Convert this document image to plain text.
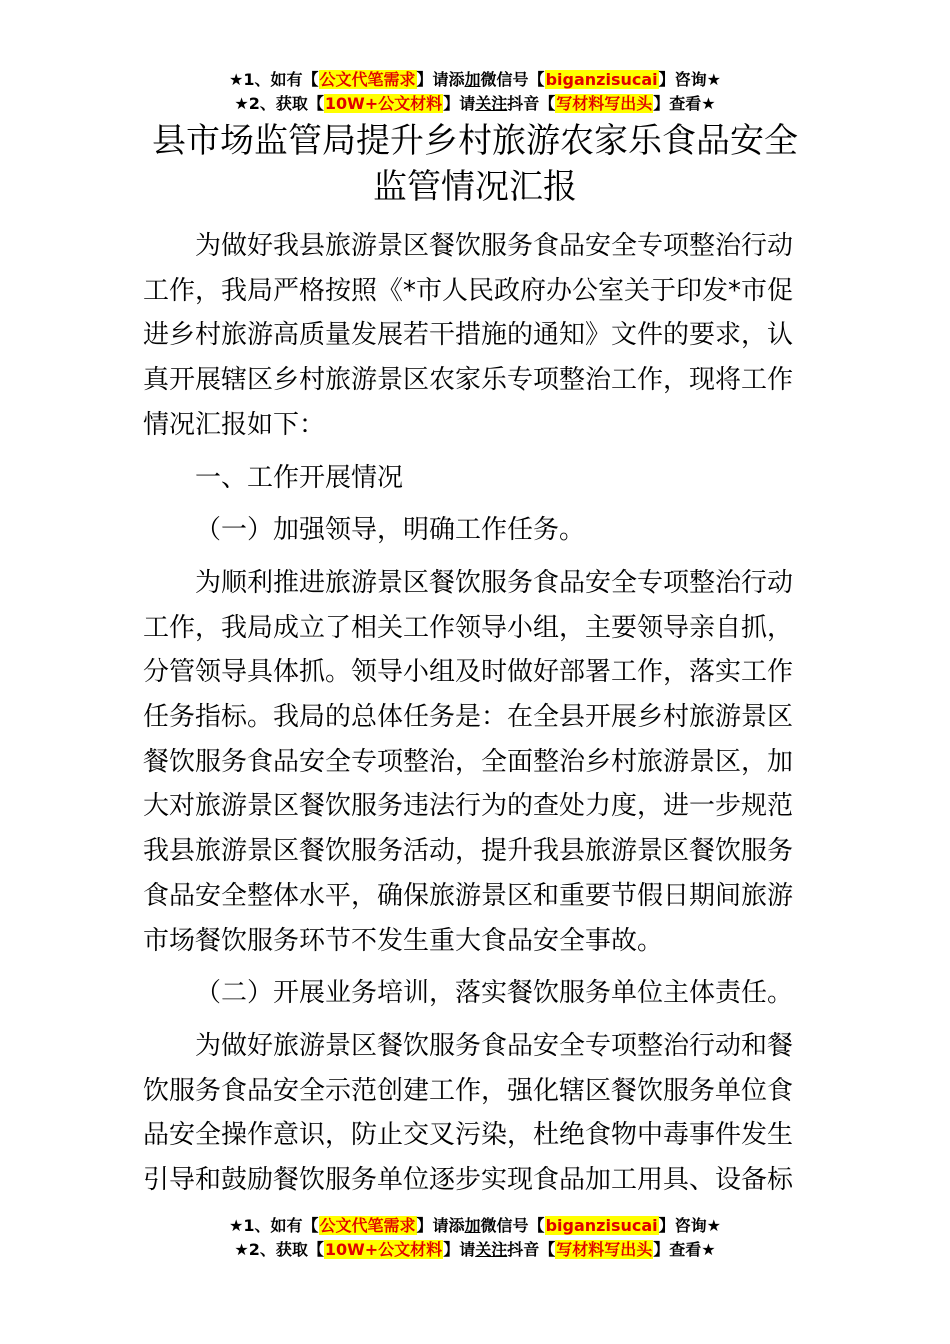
★1、如有【公文代笔需求】请添加微信号【biganzisucai】咨询★
★2、获取【10W+公文材料】请关注抖音【写材料写出头】查看★
县市场监管局提升乡村旅游农家乐食品安全
监管情况汇报
为做好我县旅游景区餐饮服务食品安全专项整治行动
工作，我局严格按照《*市人民政府办公室关于印发*市促
进乡村旅游高质量发展若干措施的通知》文件的要求，认
真开展辖区乡村旅游景区农家乐专项整治工作，现将工作
情况汇报如下：
一、工作开展情况
（一）加强领导，明确工作任务。
为顺利推进旅游景区餐饮服务食品安全专项整治行动
工作，我局成立了相关工作领导小组，主要领导亲自抓，
分管领导具体抓。领导小组及时做好部署工作，落实工作
任务指标。我局的总体任务是：在全县开展乡村旅游景区
餐饮服务食品安全专项整治，全面整治乡村旅游景区，加
大对旅游景区餐饮服务违法行为的查处力度，进一步规范
我县旅游景区餐饮服务活动，提升我县旅游景区餐饮服务
食品安全整体水平，确保旅游景区和重要节假日期间旅游
市场餐饮服务环节不发生重大食品安全事故。
（二）开展业务培训，落实餐饮服务单位主体责任。
为做好旅游景区餐饮服务食品安全专项整治行动和餐
饮服务食品安全示范创建工作，强化辖区餐饮服务单位食
品安全操作意识，防止交叉污染，杜绝食物中毒事件发生
引导和鼓励餐饮服务单位逐步实现食品加工用具、设备标
★1、如有【公文代笔需求】请添加微信号【biganzisucai】咨询★
★2、获取【10W+公文材料】请关注抖音【写材料写出头】查看★
